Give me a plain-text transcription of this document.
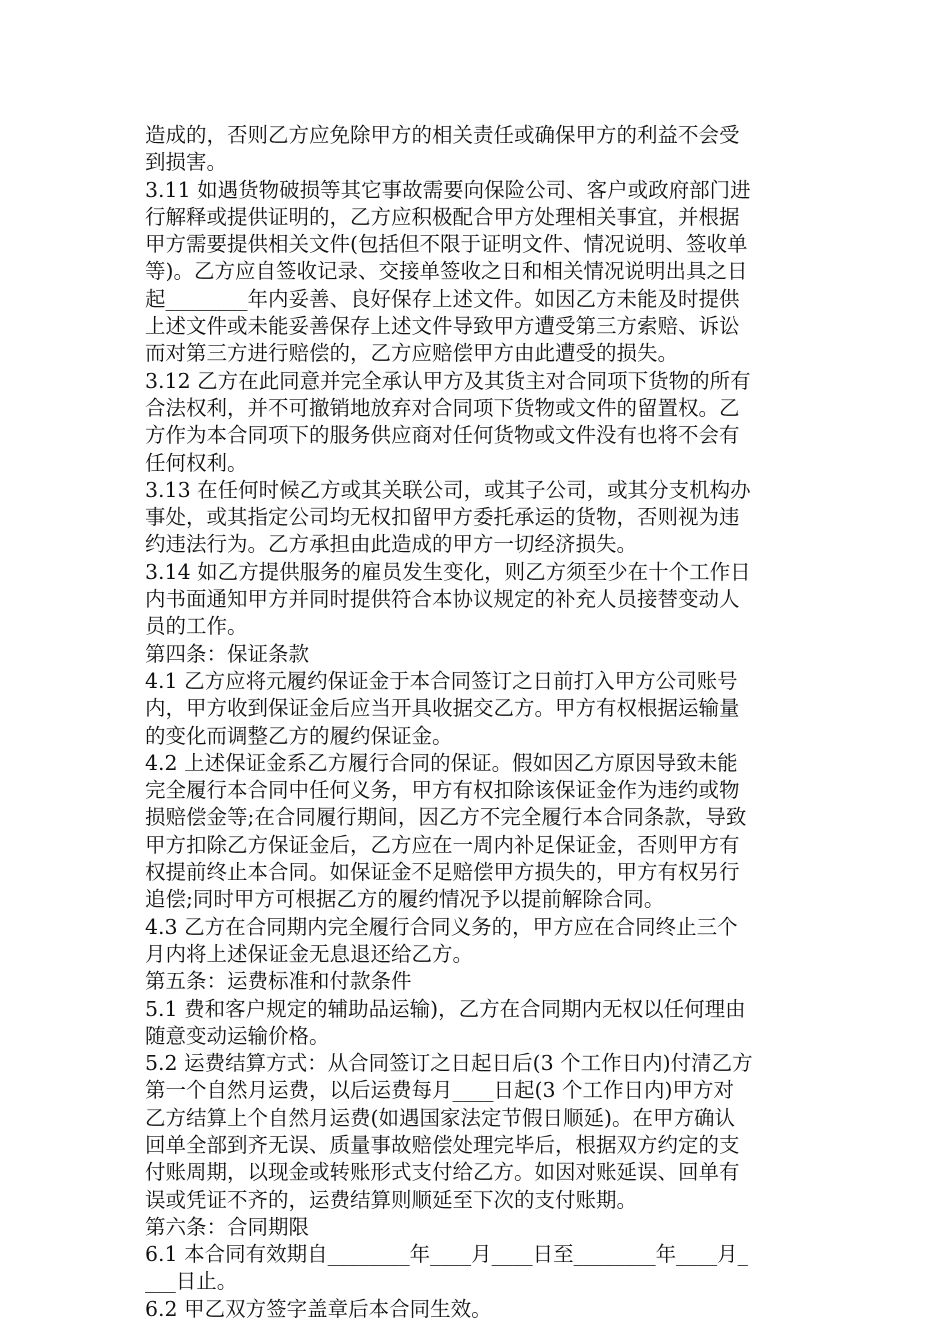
造成的，否则乙方应免除甲方的相关责任或确保甲方的利益不会受
到损害。
3.11 如遇货物破损等其它事故需要向保险公司、客户或政府部门进
行解释或提供证明的，乙方应积极配合甲方处理相关事宜，并根据
甲方需要提供相关文件(包括但不限于证明文件、情况说明、签收单
等)。乙方应自签收记录、交接单签收之日和相关情况说明出具之日
起________年内妥善、良好保存上述文件。如因乙方未能及时提供
上述文件或未能妥善保存上述文件导致甲方遭受第三方索赔、诉讼
而对第三方进行赔偿的，乙方应赔偿甲方由此遭受的损失。
3.12 乙方在此同意并完全承认甲方及其货主对合同项下货物的所有
合法权利，并不可撤销地放弃对合同项下货物或文件的留置权。乙
方作为本合同项下的服务供应商对任何货物或文件没有也将不会有
任何权利。
3.13 在任何时候乙方或其关联公司，或其子公司，或其分支机构办
事处，或其指定公司均无权扣留甲方委托承运的货物，否则视为违
约违法行为。乙方承担由此造成的甲方一切经济损失。
3.14 如乙方提供服务的雇员发生变化，则乙方须至少在十个工作日
内书面通知甲方并同时提供符合本协议规定的补充人员接替变动人
员的工作。
第四条：保证条款
4.1 乙方应将元履约保证金于本合同签订之日前打入甲方公司账号
内，甲方收到保证金后应当开具收据交乙方。甲方有权根据运输量
的变化而调整乙方的履约保证金。
4.2 上述保证金系乙方履行合同的保证。假如因乙方原因导致未能
完全履行本合同中任何义务，甲方有权扣除该保证金作为违约或物
损赔偿金等;在合同履行期间，因乙方不完全履行本合同条款，导致
甲方扣除乙方保证金后，乙方应在一周内补足保证金，否则甲方有
权提前终止本合同。如保证金不足赔偿甲方损失的，甲方有权另行
追偿;同时甲方可根据乙方的履约情况予以提前解除合同。
4.3 乙方在合同期内完全履行合同义务的，甲方应在合同终止三个
月内将上述保证金无息退还给乙方。
第五条：运费标准和付款条件
5.1 费和客户规定的辅助品运输)，乙方在合同期内无权以任何理由
随意变动运输价格。
5.2 运费结算方式：从合同签订之日起日后(3 个工作日内)付清乙方
第一个自然月运费，以后运费每月____日起(3 个工作日内)甲方对
乙方结算上个自然月运费(如遇国家法定节假日顺延)。在甲方确认
回单全部到齐无误、质量事故赔偿处理完毕后，根据双方约定的支
付账周期，以现金或转账形式支付给乙方。如因对账延误、回单有
误或凭证不齐的，运费结算则顺延至下次的支付账期。
第六条：合同期限
6.1 本合同有效期自________年____月____日至________年____月_
___日止。
6.2 甲乙双方签字盖章后本合同生效。
